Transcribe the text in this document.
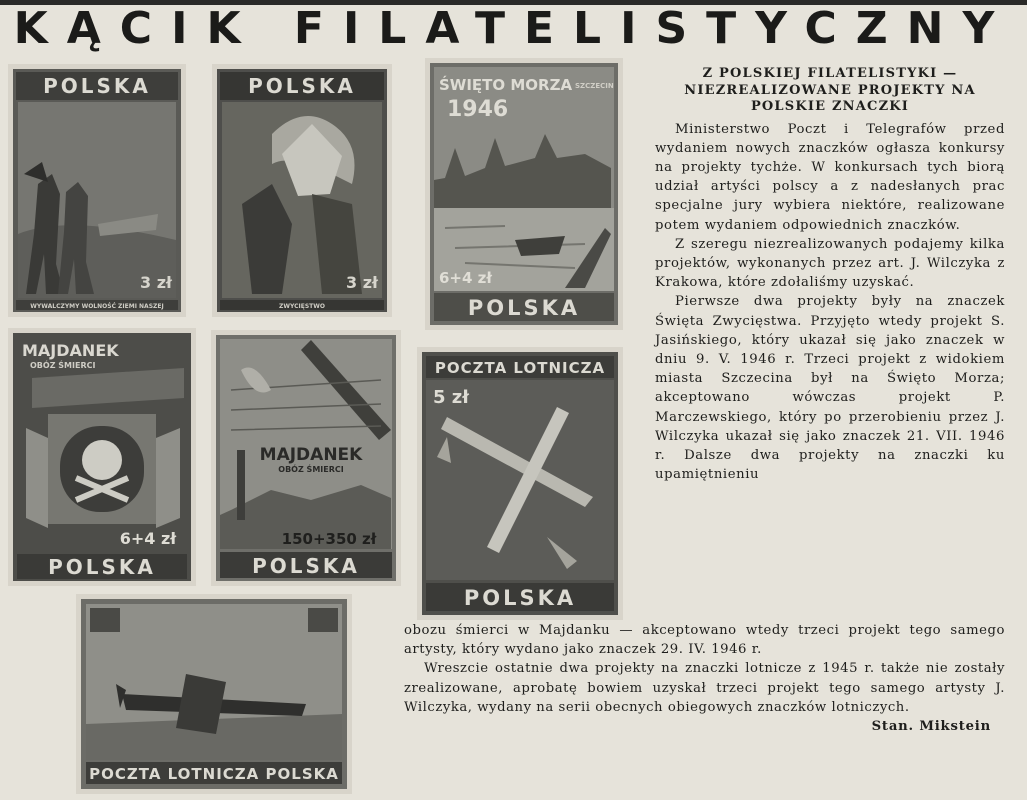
KĄCIK FILATELISTYCZNY
POLSKA
3 zł
WYWALCZYMY WOLNOŚĆ ZIEMI NASZEJ
POLSKA
3 zł
ZWYCIĘSTWO
ŚWIĘTO MORZA
1946
SZCZECIN
6+4 zł
POLSKA
MAJDANEK
OBÓZ ŚMIERCI
6+4 zł
POLSKA
MAJDANEK
OBÓZ ŚMIERCI
150+350 zł
POLSKA
POCZTA LOTNICZA
5 zł
POLSKA
POCZTA LOTNICZA POLSKA
Z POLSKIEJ FILATELISTYKI — NIEZREALIZOWANE PROJEKTY NA POLSKIE ZNACZKI

Ministerstwo Poczt i Telegrafów przed wydaniem nowych znaczków ogłasza konkursy na projekty tychże. W konkursach tych biorą udział artyści polscy a z nadesłanych prac specjalne jury wybiera niektóre, realizowane potem wydaniem odpowiednich znaczków.

Z szeregu niezrealizowanych podajemy kilka projektów, wykonanych przez art. J. Wilczyka z Krakowa, które zdołaliśmy uzyskać.

Pierwsze dwa projekty były na znaczek Święta Zwycięstwa. Przyjęto wtedy projekt S. Jasińskiego, który ukazał się jako znaczek w dniu 9. V. 1946 r. Trzeci projekt z widokiem miasta Szczecina był na Święto Morza; akceptowano wówczas projekt P. Marczewskiego, który po przerobieniu przez J. Wilczyka ukazał się jako znaczek 21. VII. 1946 r. Dalsze dwa projekty na znaczki ku upamiętnieniu

obozu śmierci w Majdanku — akceptowano wtedy trzeci projekt tego samego artysty, który wydano jako znaczek 29. IV. 1946 r.

Wreszcie ostatnie dwa projekty na znaczki lotnicze z 1945 r. także nie zostały zrealizowane, aprobatę bowiem uzyskał trzeci projekt tego samego artysty J. Wilczyka, wydany na serii obecnych obiegowych znaczków lotniczych.
Stan. Mikstein
